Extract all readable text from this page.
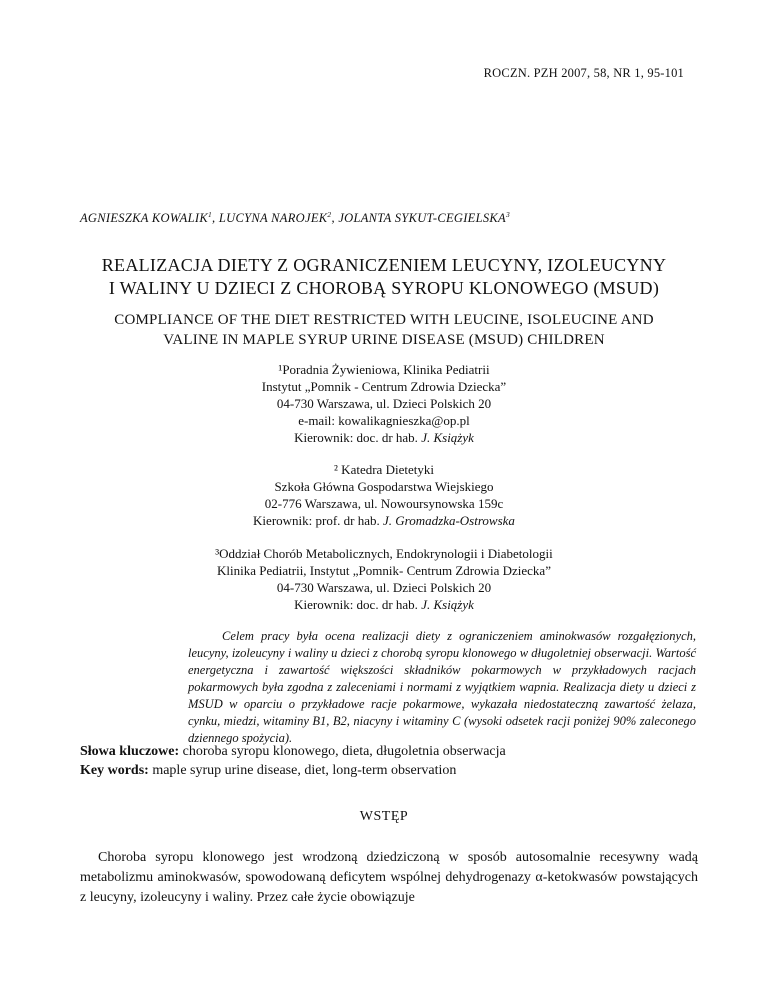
ROCZN. PZH 2007, 58, NR 1, 95-101
AGNIESZKA KOWALIK$^1$, LUCYNA NAROJEK$^2$, JOLANTA SYKUT-CEGIELSKA$^3$
REALIZACJA DIETY Z OGRANICZENIEM LEUCYNY, IZOLEUCYNY
I WALINY U DZIECI Z CHOROBĄ SYROPU KLONOWEGO (MSUD)
COMPLIANCE OF THE DIET RESTRICTED WITH LEUCINE, ISOLEUCINE AND
VALINE IN MAPLE SYRUP URINE DISEASE (MSUD) CHILDREN
¹Poradnia Żywieniowa, Klinika Pediatrii
Instytut „Pomnik - Centrum Zdrowia Dziecka”
04-730 Warszawa, ul. Dzieci Polskich 20
e-mail: kowalikagnieszka@op.pl
Kierownik: doc. dr hab. J. Książyk
² Katedra Dietetyki
Szkoła Główna Gospodarstwa Wiejskiego
02-776 Warszawa, ul. Nowoursynowska 159c
Kierownik: prof. dr hab. J. Gromadzka-Ostrowska
³Oddział Chorób Metabolicznych, Endokrynologii i Diabetologii
Klinika Pediatrii, Instytut „Pomnik- Centrum Zdrowia Dziecka”
04-730 Warszawa, ul. Dzieci Polskich 20
Kierownik: doc. dr hab. J. Książyk
Celem pracy była ocena realizacji diety z ograniczeniem aminokwasów rozgałęzionych, leucyny, izoleucyny i waliny u dzieci z chorobą syropu klonowego w długoletniej obserwacji. Wartość energetyczna i zawartość większości składników pokarmowych w przykładowych racjach pokarmowych była zgodna z zaleceniami i normami z wyjątkiem wapnia. Realizacja diety u dzieci z MSUD w oparciu o przykładowe racje pokarmowe, wykazała niedostateczną zawartość żelaza, cynku, miedzi, witaminy B1, B2, niacyny i witaminy C (wysoki odsetek racji poniżej 90% zaleconego dziennego spożycia).
Słowa kluczowe: choroba syropu klonowego, dieta, długoletnia obserwacja
Key words: maple syrup urine disease, diet, long-term observation
WSTĘP
Choroba syropu klonowego jest wrodzoną dziedziczoną w sposób autosomalnie recesywny wadą metabolizmu aminokwasów, spowodowaną deficytem wspólnej dehydrogenazy α-ketokwasów powstających z leucyny, izoleucyny i waliny. Przez całe życie obowiązuje
